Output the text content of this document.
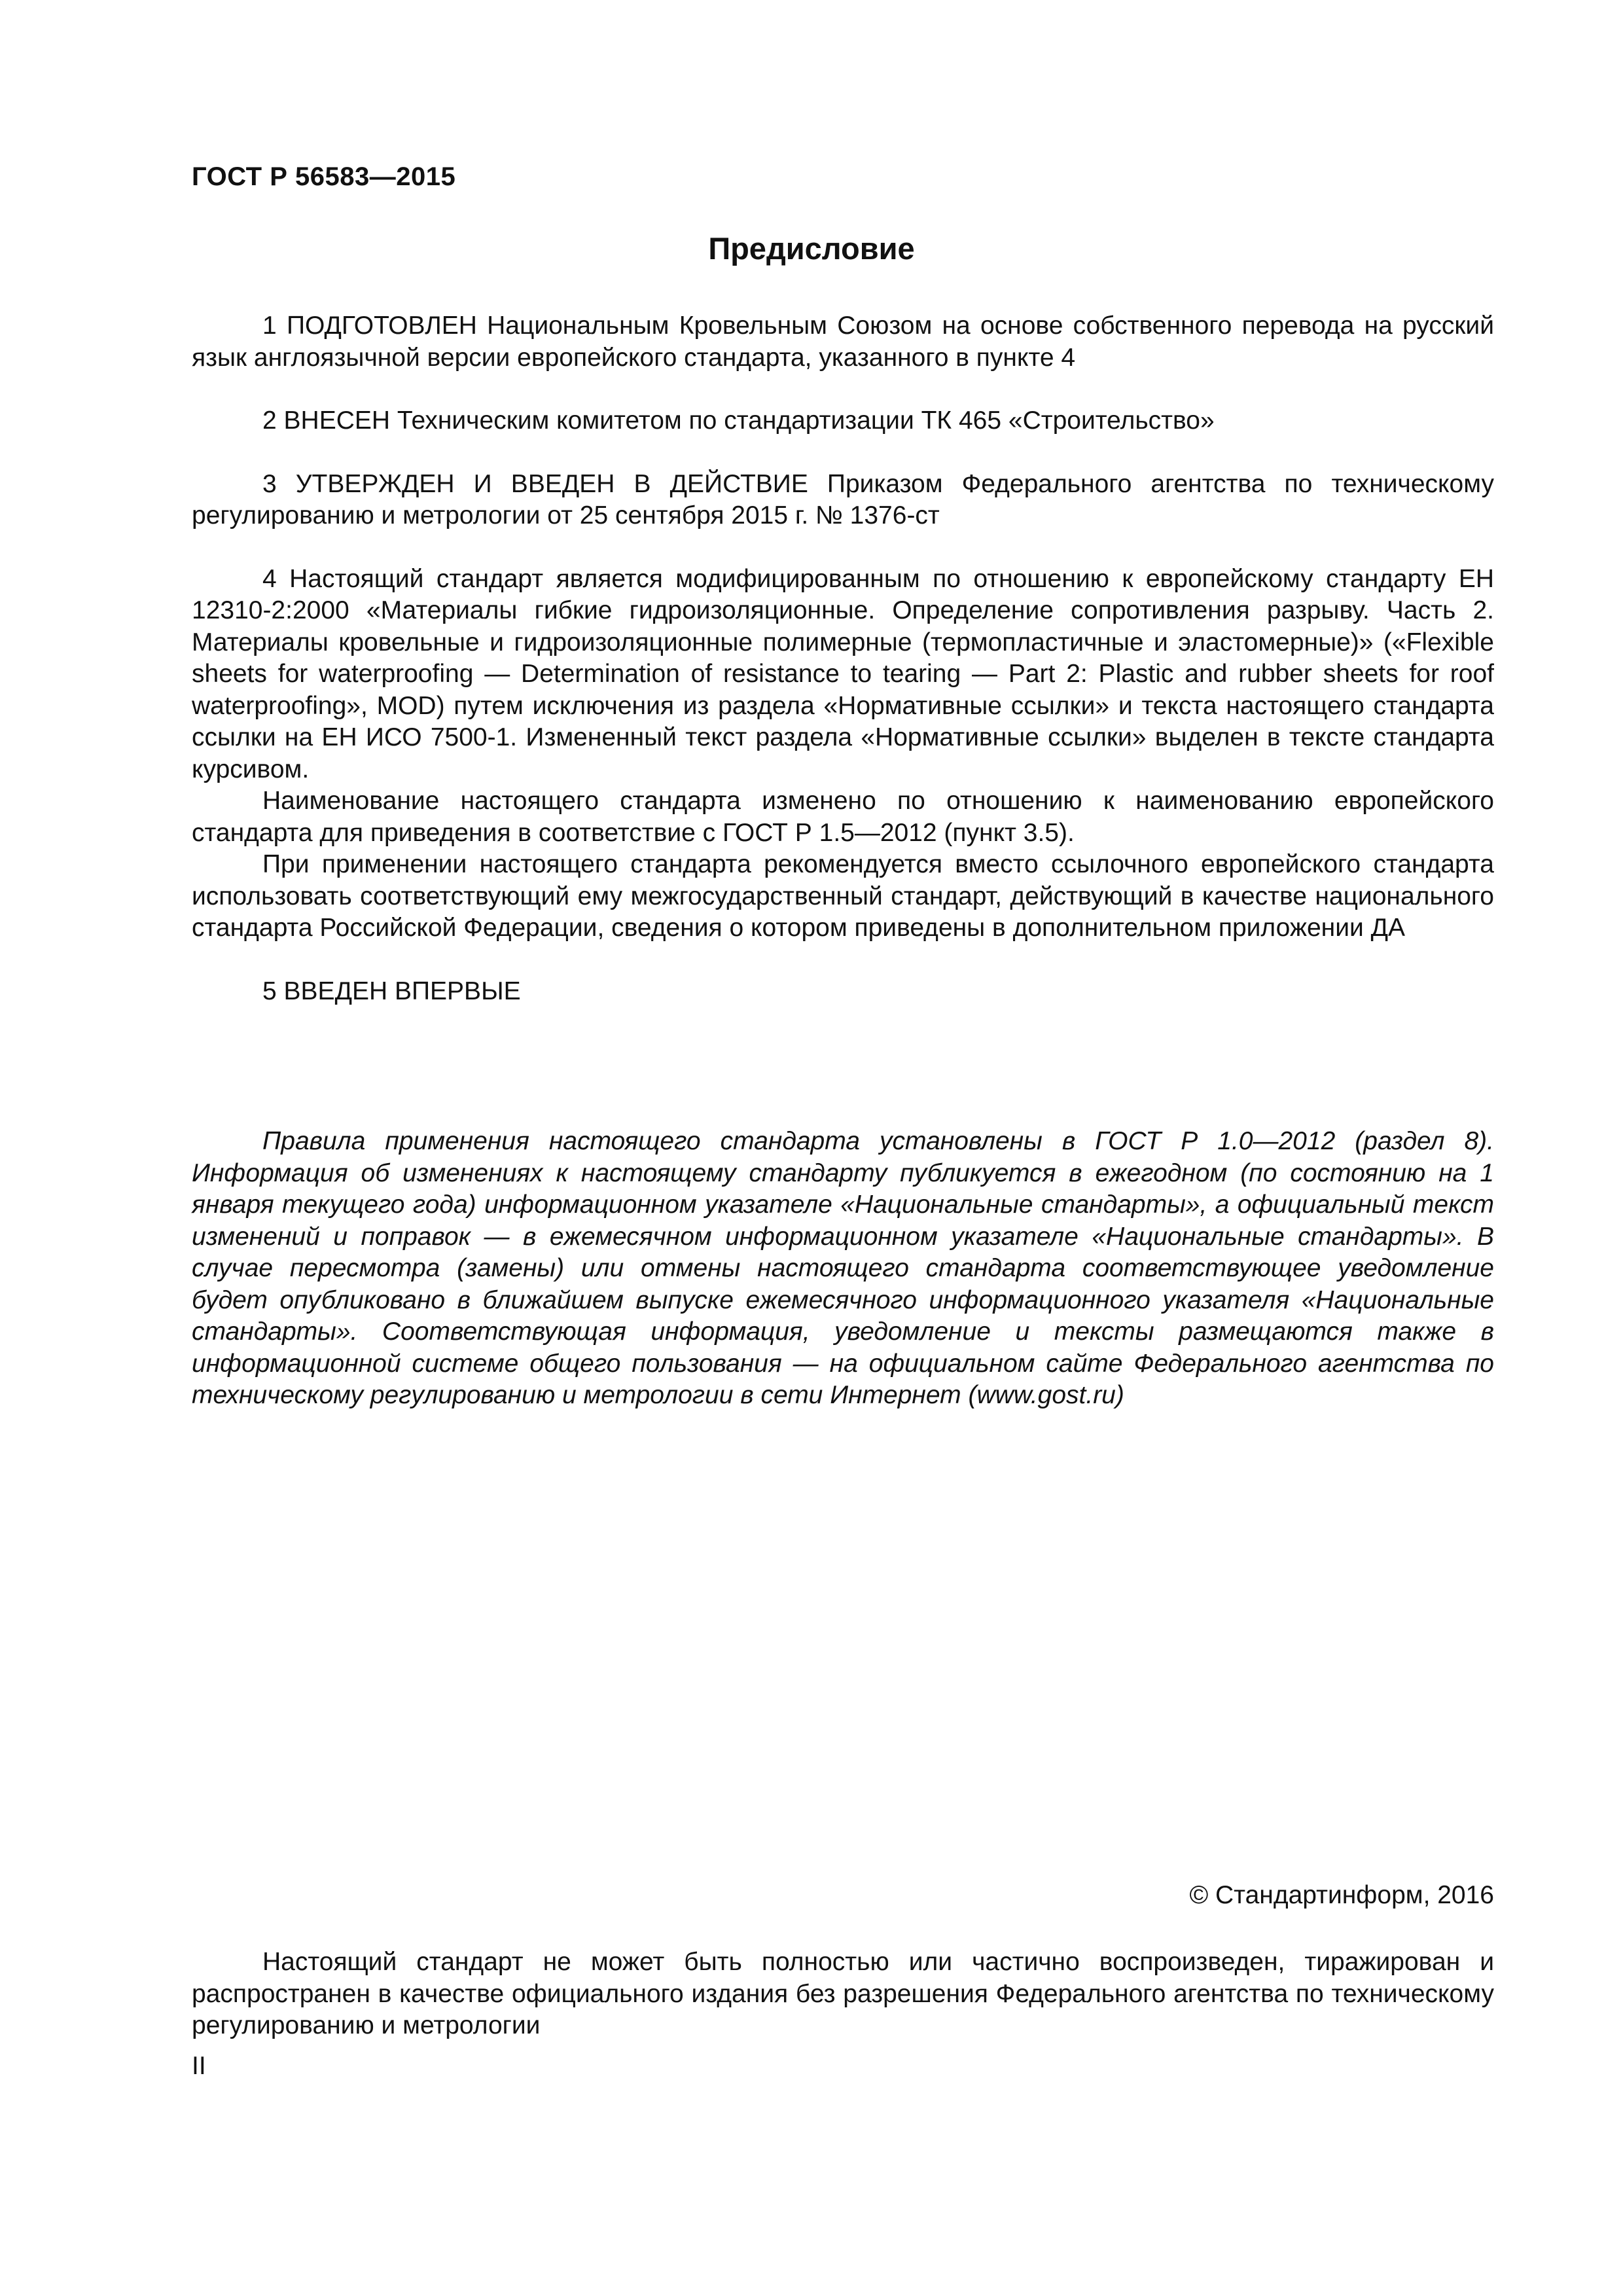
ГОСТ Р 56583—2015
Предисловие

1 ПОДГОТОВЛЕН Национальным Кровельным Союзом на основе собственного перевода на русский язык англоязычной версии европейского стандарта, указанного в пункте 4

2 ВНЕСЕН Техническим комитетом по стандартизации ТК 465 «Строительство»

3 УТВЕРЖДЕН И ВВЕДЕН В ДЕЙСТВИЕ Приказом Федерального агентства по техническому регулированию и метрологии от 25 сентября 2015 г. № 1376-ст

4 Настоящий стандарт является модифицированным по отношению к европейскому стандарту ЕН 12310-2:2000 «Материалы гибкие гидроизоляционные. Определение сопротивления разрыву. Часть 2. Материалы кровельные и гидроизоляционные полимерные (термопластичные и эластомерные)» («Flexible sheets for waterproofing — Determination of resistance to tearing — Part 2: Plastic and rubber sheets for roof waterproofing», MOD) путем исключения из раздела «Нормативные ссылки» и текста настоящего стандарта ссылки на ЕН ИСО 7500-1. Измененный текст раздела «Нормативные ссылки» выделен в тексте стандарта курсивом.

Наименование настоящего стандарта изменено по отношению к наименованию европейского стандарта для приведения в соответствие с ГОСТ Р 1.5—2012 (пункт 3.5).

При применении настоящего стандарта рекомендуется вместо ссылочного европейского стандарта использовать соответствующий ему межгосударственный стандарт, действующий в качестве национального стандарта Российской Федерации, сведения о котором приведены в дополнительном приложении ДА

5 ВВЕДЕН ВПЕРВЫЕ

Правила применения настоящего стандарта установлены в ГОСТ Р 1.0—2012 (раздел 8). Информация об изменениях к настоящему стандарту публикуется в ежегодном (по состоянию на 1 января текущего года) информационном указателе «Национальные стандарты», а официальный текст изменений и поправок — в ежемесячном информационном указателе «Национальные стандарты». В случае пересмотра (замены) или отмены настоящего стандарта соответствующее уведомление будет опубликовано в ближайшем выпуске ежемесячного информационного указателя «Национальные стандарты». Соответствующая информация, уведомление и тексты размещаются также в информационной системе общего пользования — на официальном сайте Федерального агентства по техническому регулированию и метрологии в сети Интернет (www.gost.ru)

© Стандартинформ, 2016

Настоящий стандарт не может быть полностью или частично воспроизведен, тиражирован и распространен в качестве официального издания без разрешения Федерального агентства по техническому регулированию и метрологии

II
